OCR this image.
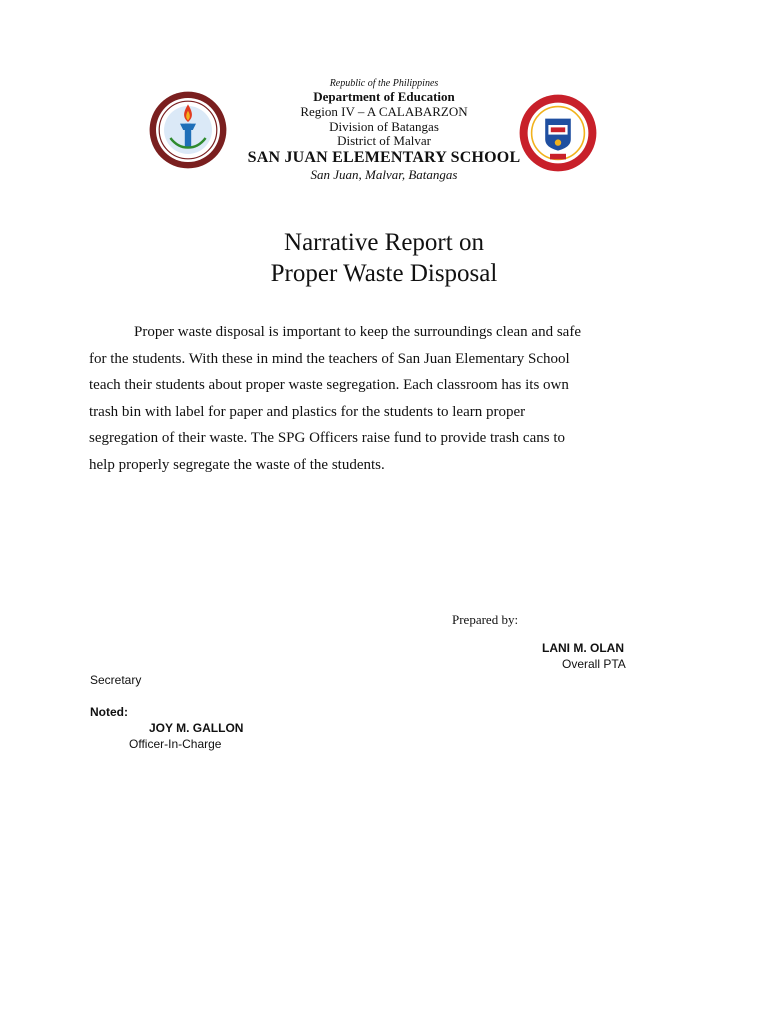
Republic of the Philippines
Department of Education
Region IV – A CALABARZON
Division of Batangas
District of Malvar
SAN JUAN ELEMENTARY SCHOOL
San Juan, Malvar, Batangas
Narrative Report on
Proper Waste Disposal
Proper waste disposal is important to keep the surroundings clean and safe
for the students. With these in mind the teachers of San Juan Elementary School
teach their students about proper waste segregation. Each classroom has its own
trash bin with label for paper and plastics for the students to learn proper
segregation of their waste. The SPG Officers raise fund to provide trash cans to
help properly segregate the waste of the students.
Prepared by:
LANI M. OLAN
Overall PTA
Secretary
Noted:
JOY M. GALLON
Officer-In-Charge
